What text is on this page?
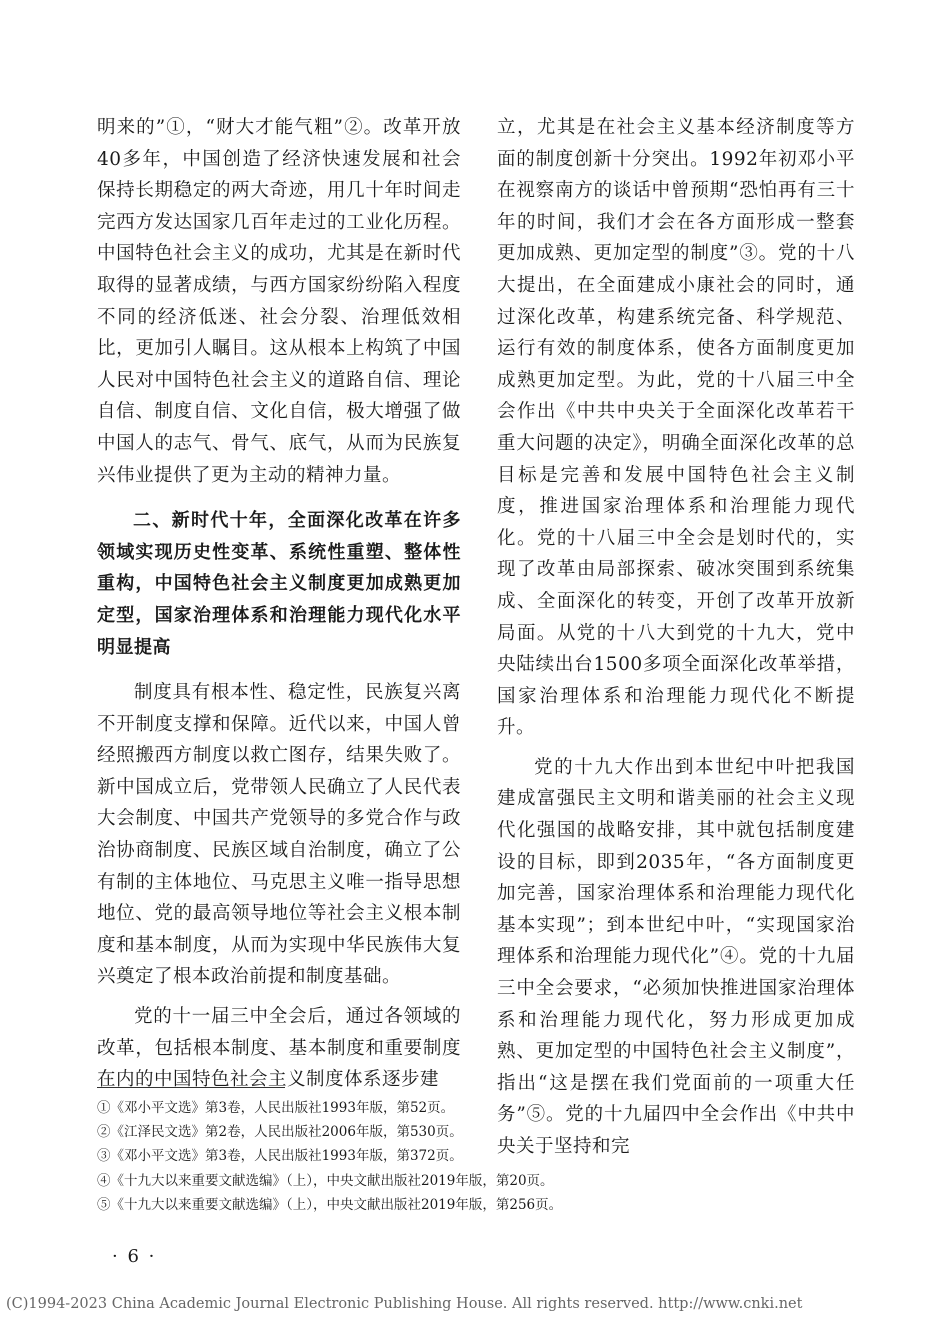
明来的”①，“财大才能气粗”②。改革开放40多年，中国创造了经济快速发展和社会保持长期稳定的两大奇迹，用几十年时间走完西方发达国家几百年走过的工业化历程。中国特色社会主义的成功，尤其是在新时代取得的显著成绩，与西方国家纷纷陷入程度不同的经济低迷、社会分裂、治理低效相比，更加引人瞩目。这从根本上构筑了中国人民对中国特色社会主义的道路自信、理论自信、制度自信、文化自信，极大增强了做中国人的志气、骨气、底气，从而为民族复兴伟业提供了更为主动的精神力量。

二、新时代十年，全面深化改革在许多领域实现历史性变革、系统性重塑、整体性重构，中国特色社会主义制度更加成熟更加定型，国家治理体系和治理能力现代化水平明显提高

制度具有根本性、稳定性，民族复兴离不开制度支撑和保障。近代以来，中国人曾经照搬西方制度以救亡图存，结果失败了。新中国成立后，党带领人民确立了人民代表大会制度、中国共产党领导的多党合作与政治协商制度、民族区域自治制度，确立了公有制的主体地位、马克思主义唯一指导思想地位、党的最高领导地位等社会主义根本制度和基本制度，从而为实现中华民族伟大复兴奠定了根本政治前提和制度基础。

党的十一届三中全会后，通过各领域的改革，包括根本制度、基本制度和重要制度在内的中国特色社会主义制度体系逐步建

立，尤其是在社会主义基本经济制度等方面的制度创新十分突出。1992年初邓小平在视察南方的谈话中曾预期“恐怕再有三十年的时间，我们才会在各方面形成一整套更加成熟、更加定型的制度”③。党的十八大提出，在全面建成小康社会的同时，通过深化改革，构建系统完备、科学规范、运行有效的制度体系，使各方面制度更加成熟更加定型。为此，党的十八届三中全会作出《中共中央关于全面深化改革若干重大问题的决定》，明确全面深化改革的总目标是完善和发展中国特色社会主义制度，推进国家治理体系和治理能力现代化。党的十八届三中全会是划时代的，实现了改革由局部探索、破冰突围到系统集成、全面深化的转变，开创了改革开放新局面。从党的十八大到党的十九大，党中央陆续出台1500多项全面深化改革举措，国家治理体系和治理能力现代化不断提升。

党的十九大作出到本世纪中叶把我国建成富强民主文明和谐美丽的社会主义现代化强国的战略安排，其中就包括制度建设的目标，即到2035年，“各方面制度更加完善，国家治理体系和治理能力现代化基本实现”；到本世纪中叶，“实现国家治理体系和治理能力现代化”④。党的十九届三中全会要求，“必须加快推进国家治理体系和治理能力现代化，努力形成更加成熟、更加定型的中国特色社会主义制度”，指出“这是摆在我们党面前的一项重大任务”⑤。党的十九届四中全会作出《中共中央关于坚持和完

①《邓小平文选》第3卷，人民出版社1993年版，第52页。
②《江泽民文选》第2卷，人民出版社2006年版，第530页。
③《邓小平文选》第3卷，人民出版社1993年版，第372页。
④《十九大以来重要文献选编》（上），中央文献出版社2019年版，第20页。
⑤《十九大以来重要文献选编》（上），中央文献出版社2019年版，第256页。
· 6 ·
(C)1994-2023 China Academic Journal Electronic Publishing House. All rights reserved. http://www.cnki.net
